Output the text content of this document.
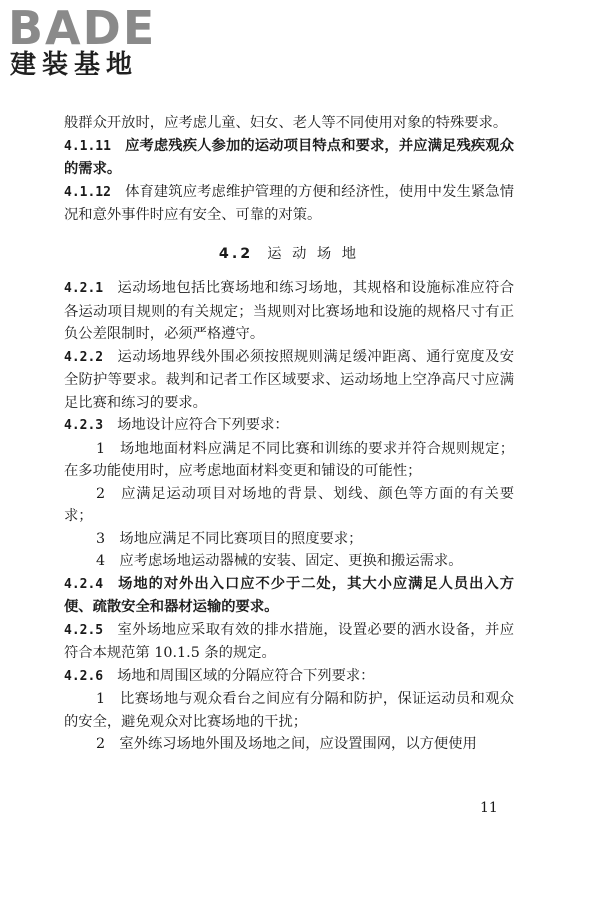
BADE
建装基地

般群众开放时，应考虑儿童、妇女、老人等不同使用对象的特殊要求。

4.1.11 应考虑残疾人参加的运动项目特点和要求，并应满足残疾观众的需求。

4.1.12 体育建筑应考虑维护管理的方便和经济性，使用中发生紧急情况和意外事件时应有安全、可靠的对策。

4.2 运 动 场 地

4.2.1 运动场地包括比赛场地和练习场地，其规格和设施标准应符合各运动项目规则的有关规定；当规则对比赛场地和设施的规格尺寸有正负公差限制时，必须严格遵守。

4.2.2 运动场地界线外围必须按照规则满足缓冲距离、通行宽度及安全防护等要求。裁判和记者工作区域要求、运动场地上空净高尺寸应满足比赛和练习的要求。

4.2.3 场地设计应符合下列要求：

1　场地地面材料应满足不同比赛和训练的要求并符合规则规定；在多功能使用时，应考虑地面材料变更和铺设的可能性；

2　应满足运动项目对场地的背景、划线、颜色等方面的有关要求；

3　场地应满足不同比赛项目的照度要求；

4　应考虑场地运动器械的安装、固定、更换和搬运需求。

4.2.4 场地的对外出入口应不少于二处，其大小应满足人员出入方便、疏散安全和器材运输的要求。

4.2.5 室外场地应采取有效的排水措施，设置必要的洒水设备，并应符合本规范第 10.1.5 条的规定。

4.2.6 场地和周围区域的分隔应符合下列要求：

1　比赛场地与观众看台之间应有分隔和防护，保证运动员和观众的安全，避免观众对比赛场地的干扰；

2　室外练习场地外围及场地之间，应设置围网，以方便使用

11
